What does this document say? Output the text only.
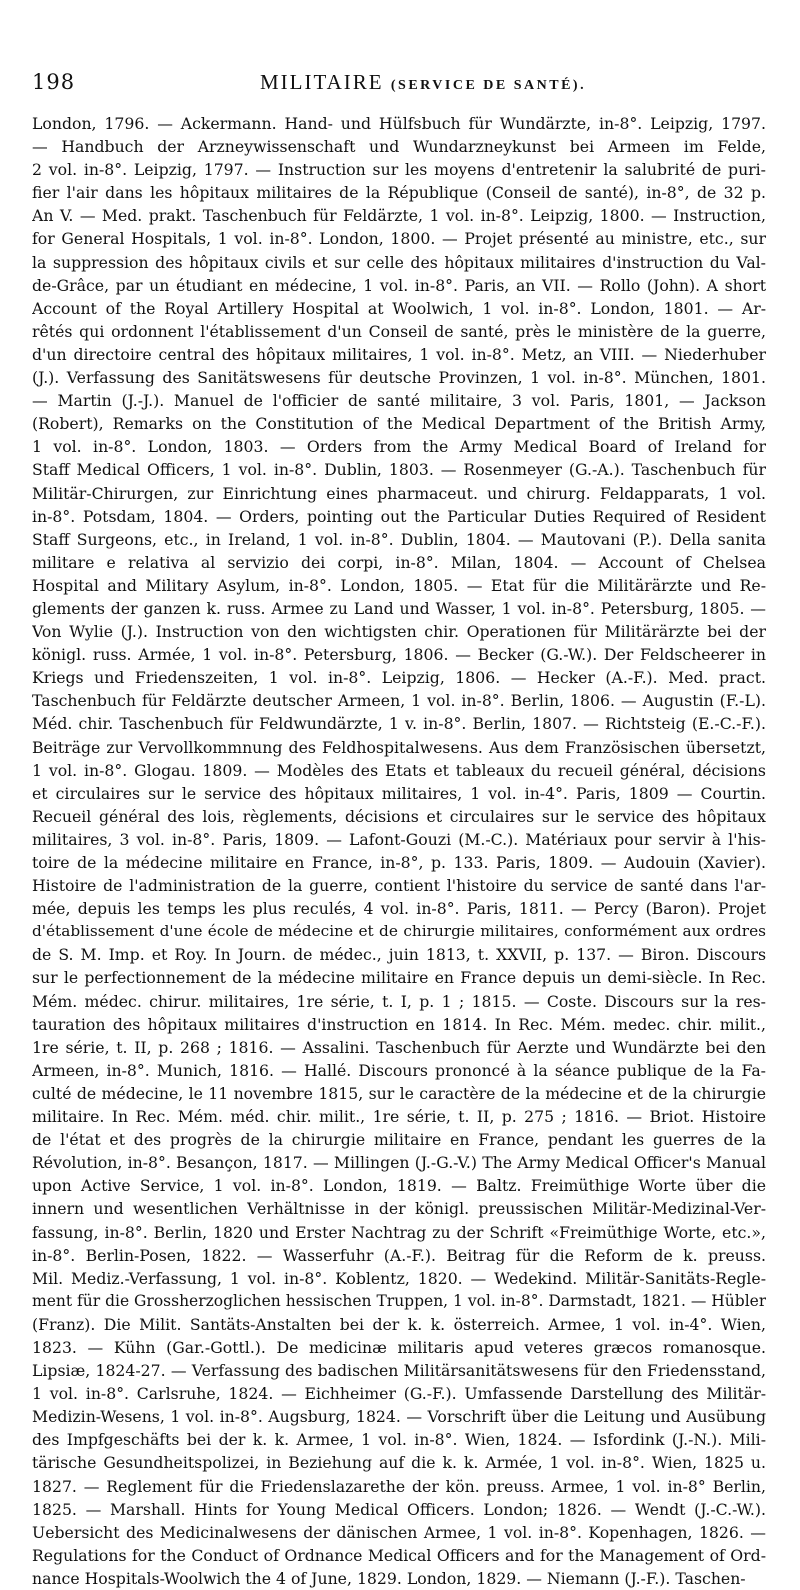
198	MILITAIRE (SERVICE DE SANTÉ).
London, 1796. — Ackermann. Hand- und Hülfsbuch für Wundärzte, in-8°. Leipzig, 1797.
— Handbuch der Arzneywissenschaft und Wundarzneykunst bei Armeen im Felde,
2 vol. in-8°. Leipzig, 1797. — Instruction sur les moyens d'entretenir la salubrité de puri-
fier l'air dans les hôpitaux militaires de la République (Conseil de santé), in-8°, de 32 p.
An V. — Med. prakt. Taschenbuch für Feldärzte, 1 vol. in-8°. Leipzig, 1800. — Instruction,
for General Hospitals, 1 vol. in-8°. London, 1800. — Projet présenté au ministre, etc., sur
la suppression des hôpitaux civils et sur celle des hôpitaux militaires d'instruction du Val-
de-Grâce, par un étudiant en médecine, 1 vol. in-8°. Paris, an VII. — Rollo (John). A short
Account of the Royal Artillery Hospital at Woolwich, 1 vol. in-8°. London, 1801. — Ar-
rêtés qui ordonnent l'établissement d'un Conseil de santé, près le ministère de la guerre,
d'un directoire central des hôpitaux militaires, 1 vol. in-8°. Metz, an VIII. — Niederhuber
(J.). Verfassung des Sanitätswesens für deutsche Provinzen, 1 vol. in-8°. München, 1801.
— Martin (J.-J.). Manuel de l'officier de santé militaire, 3 vol. Paris, 1801, — Jackson
(Robert), Remarks on the Constitution of the Medical Department of the British Army,
1 vol. in-8°. London, 1803. — Orders from the Army Medical Board of Ireland for
Staff Medical Officers, 1 vol. in-8°. Dublin, 1803. — Rosenmeyer (G.-A.). Taschenbuch für
Militär-Chirurgen, zur Einrichtung eines pharmaceut. und chirurg. Feldapparats, 1 vol.
in-8°. Potsdam, 1804. — Orders, pointing out the Particular Duties Required of Resident
Staff Surgeons, etc., in Ireland, 1 vol. in-8°. Dublin, 1804. — Mautovani (P.). Della sanita
militare e relativa al servizio dei corpi, in-8°. Milan, 1804. — Account of Chelsea
Hospital and Military Asylum, in-8°. London, 1805. — Etat für die Militärärzte und Re-
glements der ganzen k. russ. Armee zu Land und Wasser, 1 vol. in-8°. Petersburg, 1805. —
Von Wylie (J.). Instruction von den wichtigsten chir. Operationen für Militärärzte bei der
königl. russ. Armée, 1 vol. in-8°. Petersburg, 1806. — Becker (G.-W.). Der Feldscheerer in
Kriegs und Friedenszeiten, 1 vol. in-8°. Leipzig, 1806. — Hecker (A.-F.). Med. pract.
Taschenbuch für Feldärzte deutscher Armeen, 1 vol. in-8°. Berlin, 1806. — Augustin (F.-L).
Méd. chir. Taschenbuch für Feldwundärzte, 1 v. in-8°. Berlin, 1807. — Richtsteig (E.-C.-F.).
Beiträge zur Vervollkommnung des Feldhospitalwesens. Aus dem Französischen übersetzt,
1 vol. in-8°. Glogau. 1809. — Modèles des Etats et tableaux du recueil général, décisions
et circulaires sur le service des hôpitaux militaires, 1 vol. in-4°. Paris, 1809 — Courtin.
Recueil général des lois, règlements, décisions et circulaires sur le service des hôpitaux
militaires, 3 vol. in-8°. Paris, 1809. — Lafont-Gouzi (M.-C.). Matériaux pour servir à l'his-
toire de la médecine militaire en France, in-8°, p. 133. Paris, 1809. — Audouin (Xavier).
Histoire de l'administration de la guerre, contient l'histoire du service de santé dans l'ar-
mée, depuis les temps les plus reculés, 4 vol. in-8°. Paris, 1811. — Percy (Baron). Projet
d'établissement d'une école de médecine et de chirurgie militaires, conformément aux ordres
de S. M. Imp. et Roy. In Journ. de médec., juin 1813, t. XXVII, p. 137. — Biron. Discours
sur le perfectionnement de la médecine militaire en France depuis un demi-siècle. In Rec.
Mém. médec. chirur. militaires, 1re série, t. I, p. 1 ; 1815. — Coste. Discours sur la res-
tauration des hôpitaux militaires d'instruction en 1814. In Rec. Mém. medec. chir. milit.,
1re série, t. II, p. 268 ; 1816. — Assalini. Taschenbuch für Aerzte und Wundärzte bei den
Armeen, in-8°. Munich, 1816. — Hallé. Discours prononcé à la séance publique de la Fa-
culté de médecine, le 11 novembre 1815, sur le caractère de la médecine et de la chirurgie
militaire. In Rec. Mém. méd. chir. milit., 1re série, t. II, p. 275 ; 1816. — Briot. Histoire
de l'état et des progrès de la chirurgie militaire en France, pendant les guerres de la
Révolution, in-8°. Besançon, 1817. — Millingen (J.-G.-V.) The Army Medical Officer's Manual
upon Active Service, 1 vol. in-8°. London, 1819. — Baltz. Freimüthige Worte über die
innern und wesentlichen Verhältnisse in der königl. preussischen Militär-Medizinal-Ver-
fassung, in-8°. Berlin, 1820 und Erster Nachtrag zu der Schrift «Freimüthige Worte, etc.»,
in-8°. Berlin-Posen, 1822. — Wasserfuhr (A.-F.). Beitrag für die Reform de k. preuss.
Mil. Mediz.-Verfassung, 1 vol. in-8°. Koblentz, 1820. — Wedekind. Militär-Sanitäts-Regle-
ment für die Grossherzoglichen hessischen Truppen, 1 vol. in-8°. Darmstadt, 1821. — Hübler
(Franz). Die Milit. Santäts-Anstalten bei der k. k. österreich. Armee, 1 vol. in-4°. Wien,
1823. — Kühn (Gar.-Gottl.). De medicinæ militaris apud veteres græcos romanosque.
Lipsiæ, 1824-27. — Verfassung des badischen Militärsanitätswesens für den Friedensstand,
1 vol. in-8°. Carlsruhe, 1824. — Eichheimer (G.-F.). Umfassende Darstellung des Militär-
Medizin-Wesens, 1 vol. in-8°. Augsburg, 1824. — Vorschrift über die Leitung und Ausübung
des Impfgeschäfts bei der k. k. Armee, 1 vol. in-8°. Wien, 1824. — Isfordink (J.-N.). Mili-
tärische Gesundheitspolizei, in Beziehung auf die k. k. Armée, 1 vol. in-8°. Wien, 1825 u.
1827. — Reglement für die Friedenslazarethe der kön. preuss. Armee, 1 vol. in-8° Berlin,
1825. — Marshall. Hints for Young Medical Officers. London; 1826. — Wendt (J.-C.-W.).
Uebersicht des Medicinalwesens der dänischen Armee, 1 vol. in-8°. Kopenhagen, 1826. —
Regulations for the Conduct of Ordnance Medical Officers and for the Management of Ord-
nance Hospitals-Woolwich the 4 of June, 1829. London, 1829. — Niemann (J.-F.). Taschen-
